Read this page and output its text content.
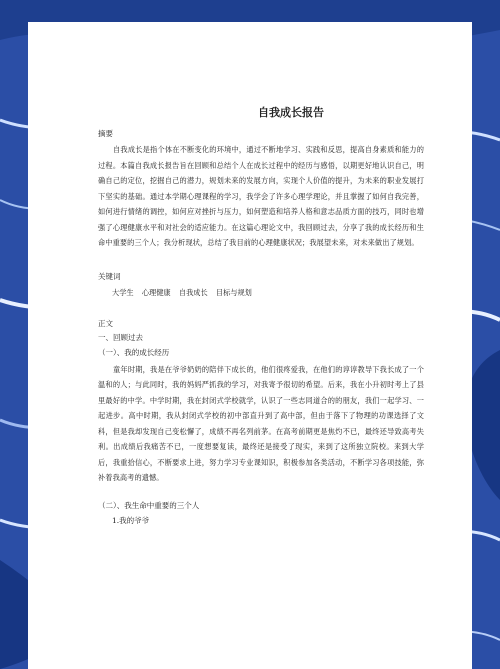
自我成长报告
摘要

自我成长是指个体在不断变化的环境中，通过不断地学习、实践和反思，提高自身素质和能力的过程。本篇自我成长报告旨在回顾和总结个人在成长过程中的经历与感悟，以期更好地认识自己，明确自己的定位，挖掘自己的潜力，规划未来的发展方向，实现个人价值的提升，为未来的职业发展打下坚实的基础。通过本学期心理课程的学习，我学会了许多心理学理论，并且掌握了如何自我完善，如何进行情绪的调控，如何应对挫折与压力，如何塑造和培养人格和意志品质方面的技巧，同时也增强了心理健康水平和对社会的适应能力。在这篇心理论文中，我回顾过去，分享了我的成长经历和生命中重要的三个人；我分析现状，总结了我目前的心理健康状况；我展望未来，对未来做出了规划。

关键词
大学生 心理健康 自我成长 目标与规划
正文
一、回顾过去
（一）、我的成长经历

童年时期，我是在爷爷奶奶的陪伴下成长的，他们很疼爱我，在他们的谆谆教导下我长成了一个温和的人；与此同时，我的妈妈严抓我的学习，对我寄予很切的希望。后来，我在小升初时考上了县里最好的中学。中学时期，我在封闭式学校就学，认识了一些志同道合的的朋友，我们一起学习、一起进步。高中时期，我从封闭式学校的初中部直升到了高中部，但由于落下了物理的功课选择了文科，但是我却发现自己变松懈了，成绩不再名列前茅。在高考前期更是焦灼不已，最终还导致高考失利。出成绩后我痛苦不已，一度想要复读，最终还是接受了现实，来到了这所独立院校。来到大学后，我重拾信心，不断要求上进，努力学习专业课知识，积极参加各类活动，不断学习各项技能，弥补着我高考的遗憾。

（二）、我生命中重要的三个人
1.我的爷爷
